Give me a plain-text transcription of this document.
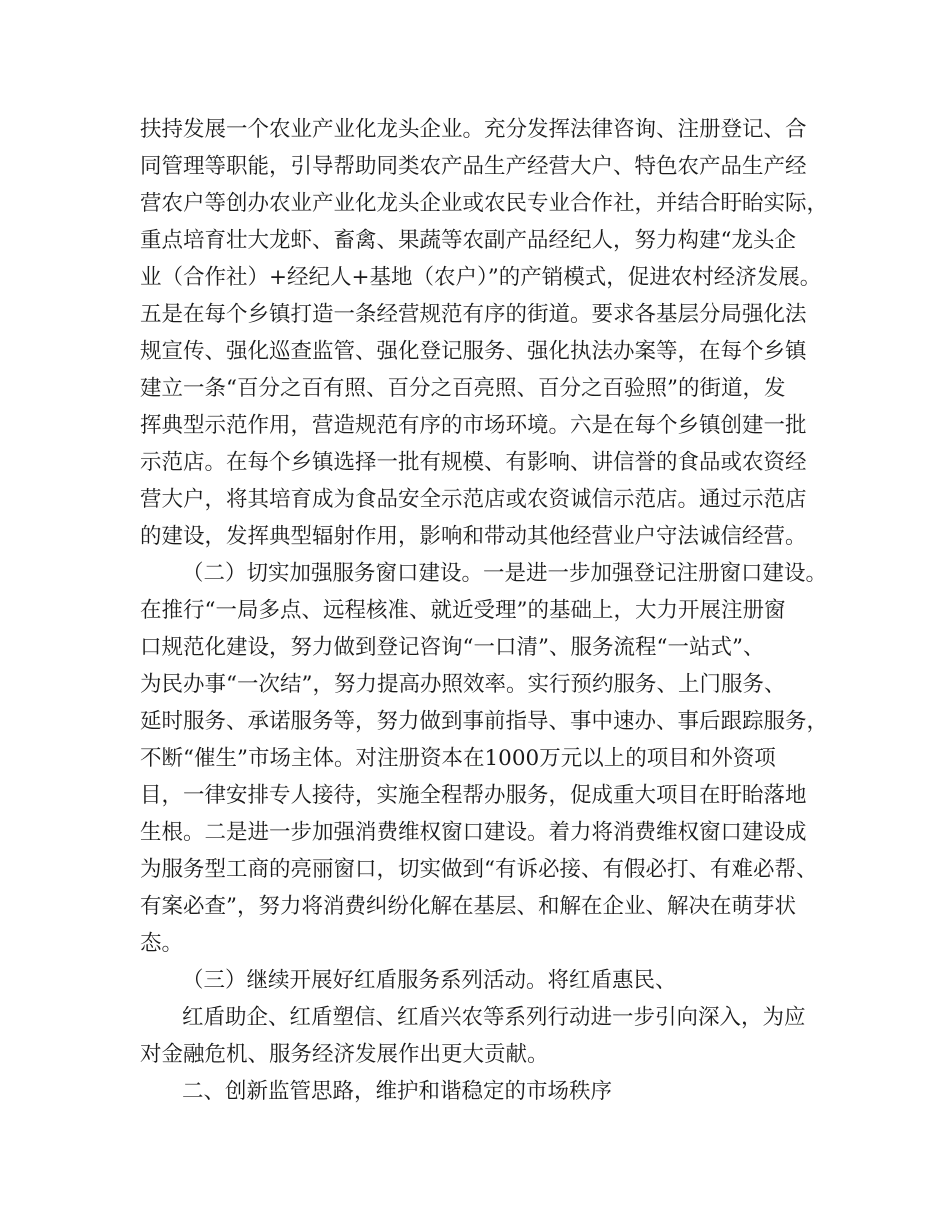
扶持发展一个农业产业化龙头企业。充分发挥法律咨询、注册登记、合
同管理等职能，引导帮助同类农产品生产经营大户、特色农产品生产经
营农户等创办农业产业化龙头企业或农民专业合作社，并结合盱眙实际，
重点培育壮大龙虾、畜禽、果蔬等农副产品经纪人，努力构建“龙头企
业（合作社）+经纪人+基地（农户）”的产销模式，促进农村经济发展。
五是在每个乡镇打造一条经营规范有序的街道。要求各基层分局强化法
规宣传、强化巡查监管、强化登记服务、强化执法办案等，在每个乡镇
建立一条“百分之百有照、百分之百亮照、百分之百验照”的街道，发
挥典型示范作用，营造规范有序的市场环境。六是在每个乡镇创建一批
示范店。在每个乡镇选择一批有规模、有影响、讲信誉的食品或农资经
营大户，将其培育成为食品安全示范店或农资诚信示范店。通过示范店
的建设，发挥典型辐射作用，影响和带动其他经营业户守法诚信经营。
（二）切实加强服务窗口建设。一是进一步加强登记注册窗口建设。
在推行“一局多点、远程核准、就近受理”的基础上，大力开展注册窗
口规范化建设，努力做到登记咨询“一口清”、服务流程“一站式”、
为民办事“一次结”，努力提高办照效率。实行预约服务、上门服务、
延时服务、承诺服务等，努力做到事前指导、事中速办、事后跟踪服务，
不断“催生”市场主体。对注册资本在1000万元以上的项目和外资项
目，一律安排专人接待，实施全程帮办服务，促成重大项目在盱眙落地
生根。二是进一步加强消费维权窗口建设。着力将消费维权窗口建设成
为服务型工商的亮丽窗口，切实做到“有诉必接、有假必打、有难必帮、
有案必查”，努力将消费纠纷化解在基层、和解在企业、解决在萌芽状
态。
（三）继续开展好红盾服务系列活动。将红盾惠民、
红盾助企、红盾塑信、红盾兴农等系列行动进一步引向深入，为应
对金融危机、服务经济发展作出更大贡献。
二、创新监管思路，维护和谐稳定的市场秩序
